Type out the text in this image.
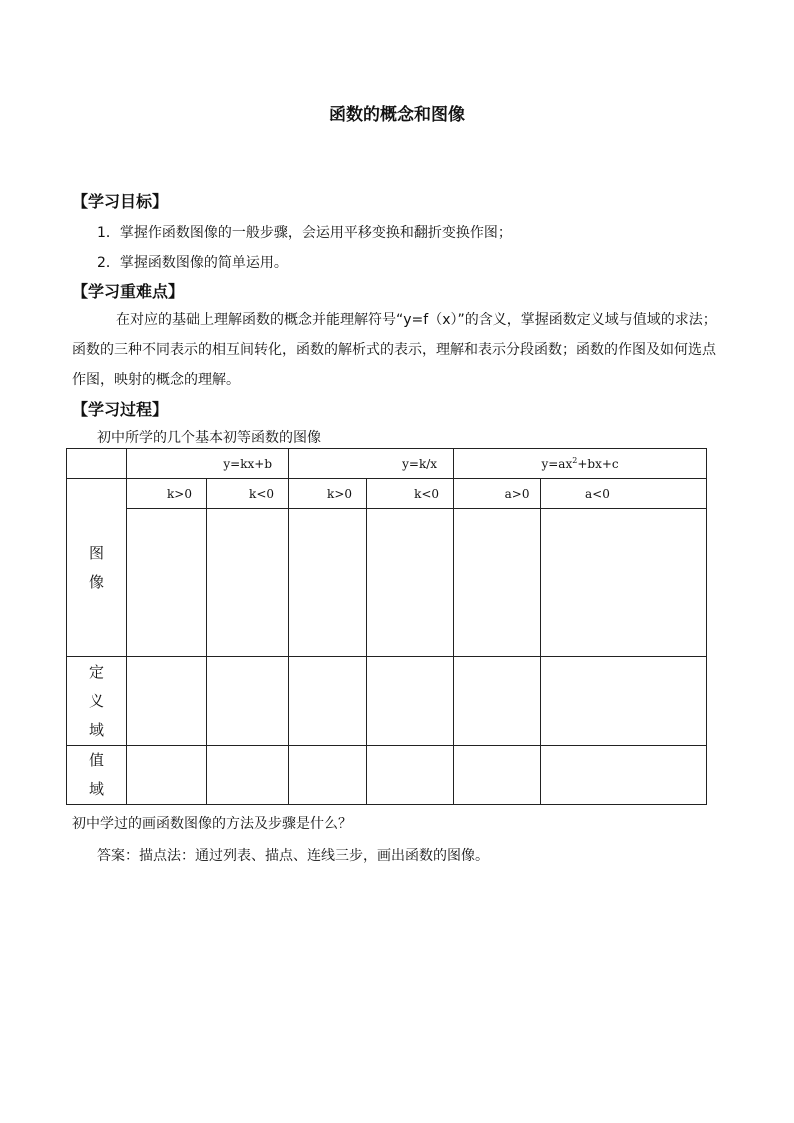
函数的概念和图像
【学习目标】
1．掌握作函数图像的一般步骤，会运用平移变换和翻折变换作图；
2．掌握函数图像的简单运用。
【学习重难点】
在对应的基础上理解函数的概念并能理解符号“y=f（x）”的含义，掌握函数定义域与值域的求法； 函数的三种不同表示的相互间转化，函数的解析式的表示，理解和表示分段函数；函数的作图及如何选点作图，映射的概念的理解。
【学习过程】
初中所学的几个基本初等函数的图像
	y=kx+b		y=k/x		$y=ax^2+bx+c$	

图
像	k>0	k<0	k>0	k<0	a>0	a<0

定
义
域						

值
域						

初中学过的画函数图像的方法及步骤是什么？
答案：描点法：通过列表、描点、连线三步，画出函数的图像。
